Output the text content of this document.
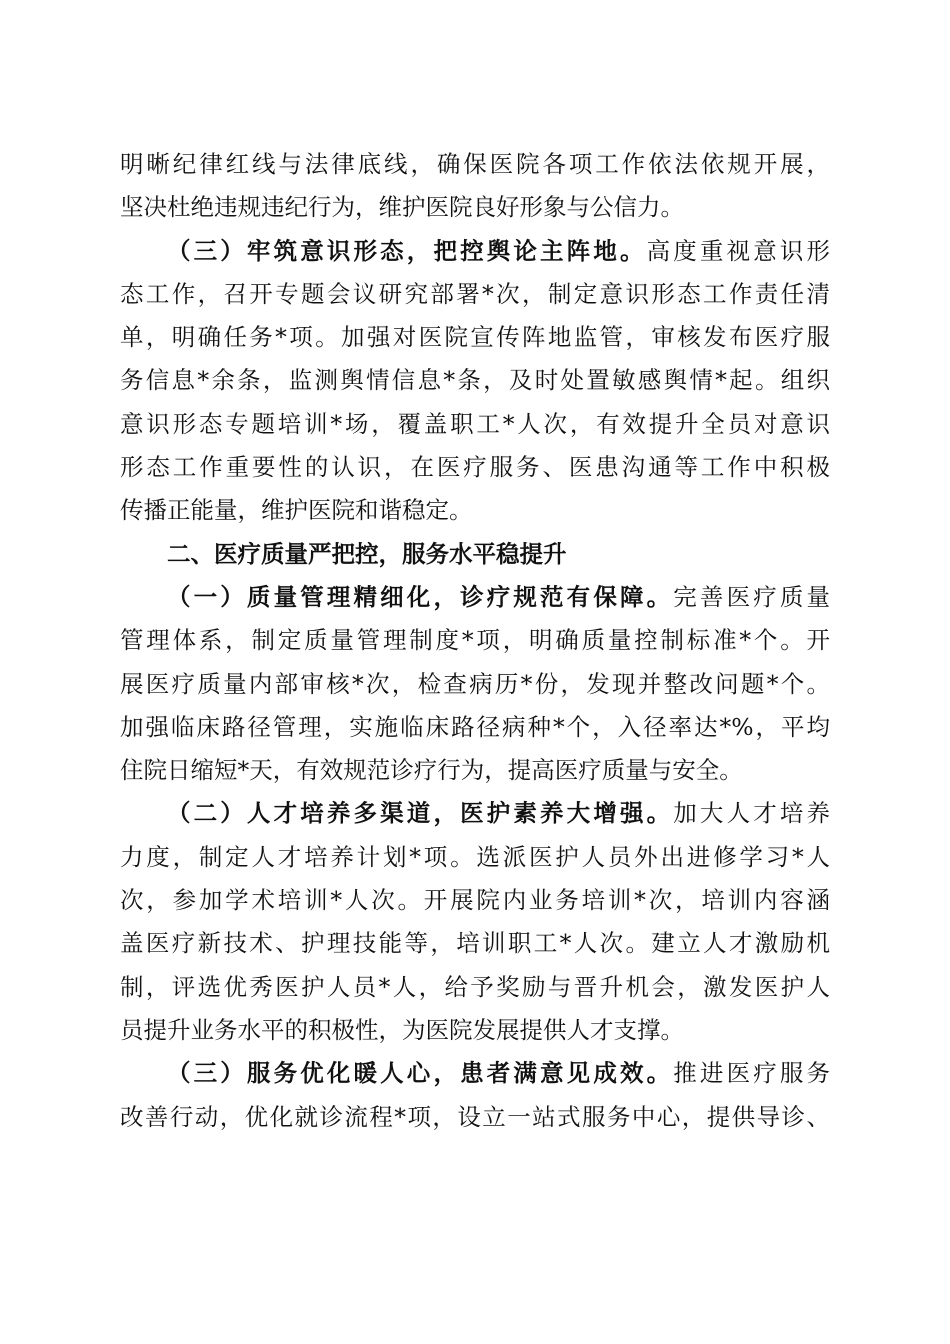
明晰纪律红线与法律底线，确保医院各项工作依法依规开展，
坚决杜绝违规违纪行为，维护医院良好形象与公信力。
（三）牢筑意识形态，把控舆论主阵地。高度重视意识形
态工作，召开专题会议研究部署*次，制定意识形态工作责任清
单，明确任务*项。加强对医院宣传阵地监管，审核发布医疗服
务信息*余条，监测舆情信息*条，及时处置敏感舆情*起。组织
意识形态专题培训*场，覆盖职工*人次，有效提升全员对意识
形态工作重要性的认识，在医疗服务、医患沟通等工作中积极
传播正能量，维护医院和谐稳定。
二、医疗质量严把控，服务水平稳提升
（一）质量管理精细化，诊疗规范有保障。完善医疗质量
管理体系，制定质量管理制度*项，明确质量控制标准*个。开
展医疗质量内部审核*次，检查病历*份，发现并整改问题*个。
加强临床路径管理，实施临床路径病种*个，入径率达*%，平均
住院日缩短*天，有效规范诊疗行为，提高医疗质量与安全。
（二）人才培养多渠道，医护素养大增强。加大人才培养
力度，制定人才培养计划*项。选派医护人员外出进修学习*人
次，参加学术培训*人次。开展院内业务培训*次，培训内容涵
盖医疗新技术、护理技能等，培训职工*人次。建立人才激励机
制，评选优秀医护人员*人，给予奖励与晋升机会，激发医护人
员提升业务水平的积极性，为医院发展提供人才支撑。
（三）服务优化暖人心，患者满意见成效。推进医疗服务
改善行动，优化就诊流程*项，设立一站式服务中心，提供导诊、
